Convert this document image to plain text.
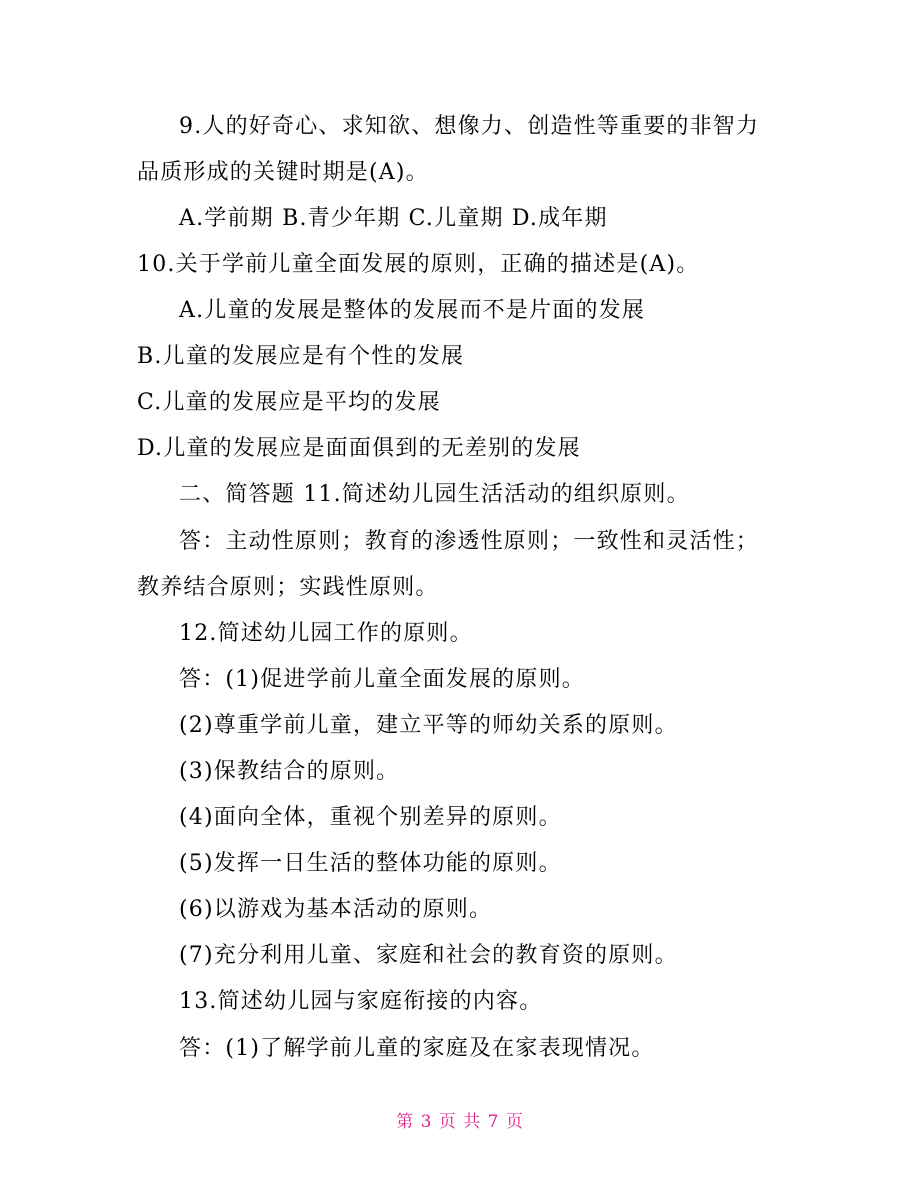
9.人的好奇心、求知欲、想像力、创造性等重要的非智力
品质形成的关键时期是(A)。
A.学前期 B.青少年期 C.儿童期 D.成年期
10.关于学前儿童全面发展的原则，正确的描述是(A)。
A.儿童的发展是整体的发展而不是片面的发展
B.儿童的发展应是有个性的发展
C.儿童的发展应是平均的发展
D.儿童的发展应是面面俱到的无差别的发展
二、简答题 11.简述幼儿园生活活动的组织原则。
答：主动性原则；教育的渗透性原则；一致性和灵活性；
教养结合原则；实践性原则。
12.简述幼儿园工作的原则。
答：(1)促进学前儿童全面发展的原则。
(2)尊重学前儿童，建立平等的师幼关系的原则。
(3)保教结合的原则。
(4)面向全体，重视个别差异的原则。
(5)发挥一日生活的整体功能的原则。
(6)以游戏为基本活动的原则。
(7)充分利用儿童、家庭和社会的教育资的原则。
13.简述幼儿园与家庭衔接的内容。
答：(1)了解学前儿童的家庭及在家表现情况。
第 3 页 共 7 页
